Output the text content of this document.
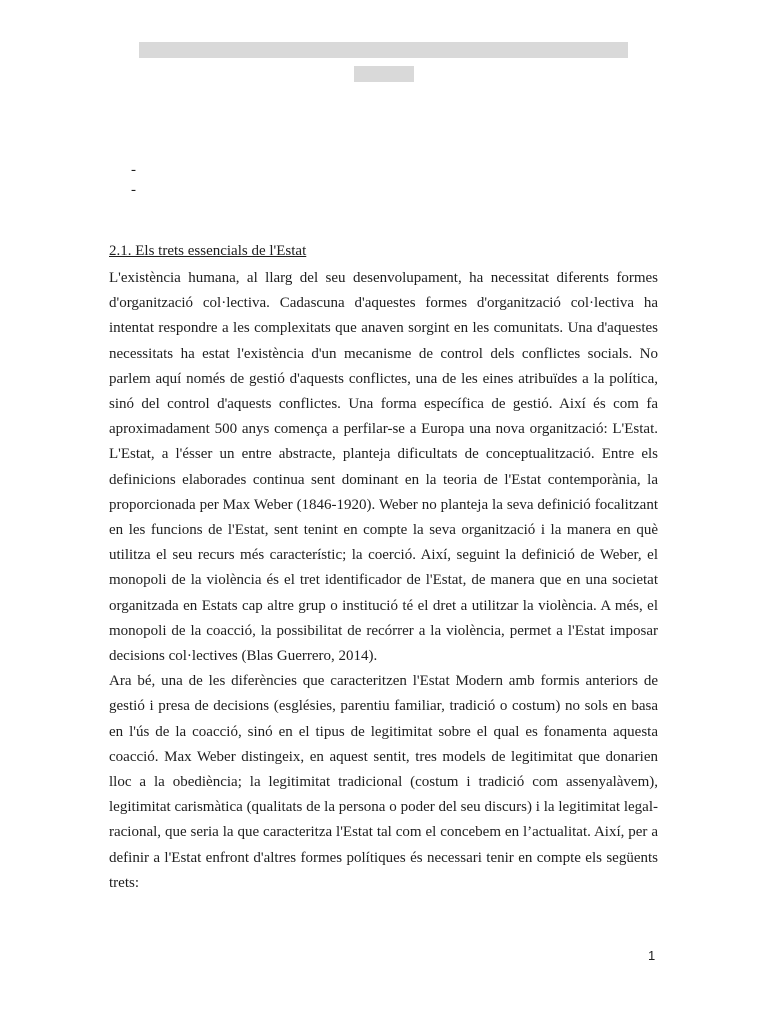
-
-
2.1. Els trets essencials de l'Estat

L'existència humana, al llarg del seu desenvolupament, ha necessitat diferents formes d'organització col·lectiva. Cadascuna d'aquestes formes d'organització col·lectiva ha intentat respondre a les complexitats que anaven sorgint en les comunitats. Una d'aquestes necessitats ha estat l'existència d'un mecanisme de control dels conflictes socials. No parlem aquí només de gestió d'aquests conflictes, una de les eines atribuïdes a la política, sinó del control d'aquests conflictes. Una forma específica de gestió. Així és com fa aproximadament 500 anys comença a perfilar-se a Europa una nova organització: L'Estat. L'Estat, a l'ésser un entre abstracte, planteja dificultats de conceptualització. Entre els definicions elaborades continua sent dominant en la teoria de l'Estat contemporània, la proporcionada per Max Weber (1846-1920). Weber no planteja la seva definició focalitzant en les funcions de l'Estat, sent tenint en compte la seva organització i la manera en què utilitza el seu recurs més característic; la coerció. Així, seguint la definició de Weber, el monopoli de la violència és el tret identificador de l'Estat, de manera que en una societat organitzada en Estats cap altre grup o institució té el dret a utilitzar la violència. A més, el monopoli de la coacció, la possibilitat de recórrer a la violència, permet a l'Estat imposar decisions col·lectives (Blas Guerrero, 2014).

Ara bé, una de les diferències que caracteritzen l'Estat Modern amb formis anteriors de gestió i presa de decisions (esglésies, parentiu familiar, tradició o costum) no sols en basa en l'ús de la coacció, sinó en el tipus de legitimitat sobre el qual es fonamenta aquesta coacció. Max Weber distingeix, en aquest sentit, tres models de legitimitat que donarien lloc a la obediència; la legitimitat tradicional (costum i tradició com assenyalàvem), legitimitat carismàtica (qualitats de la persona o poder del seu discurs) i la legitimitat legal-racional, que seria la que caracteritza l'Estat tal com el concebem en l’actualitat. Així, per a definir a l'Estat enfront d'altres formes polítiques és necessari tenir en compte els següents trets:

1
